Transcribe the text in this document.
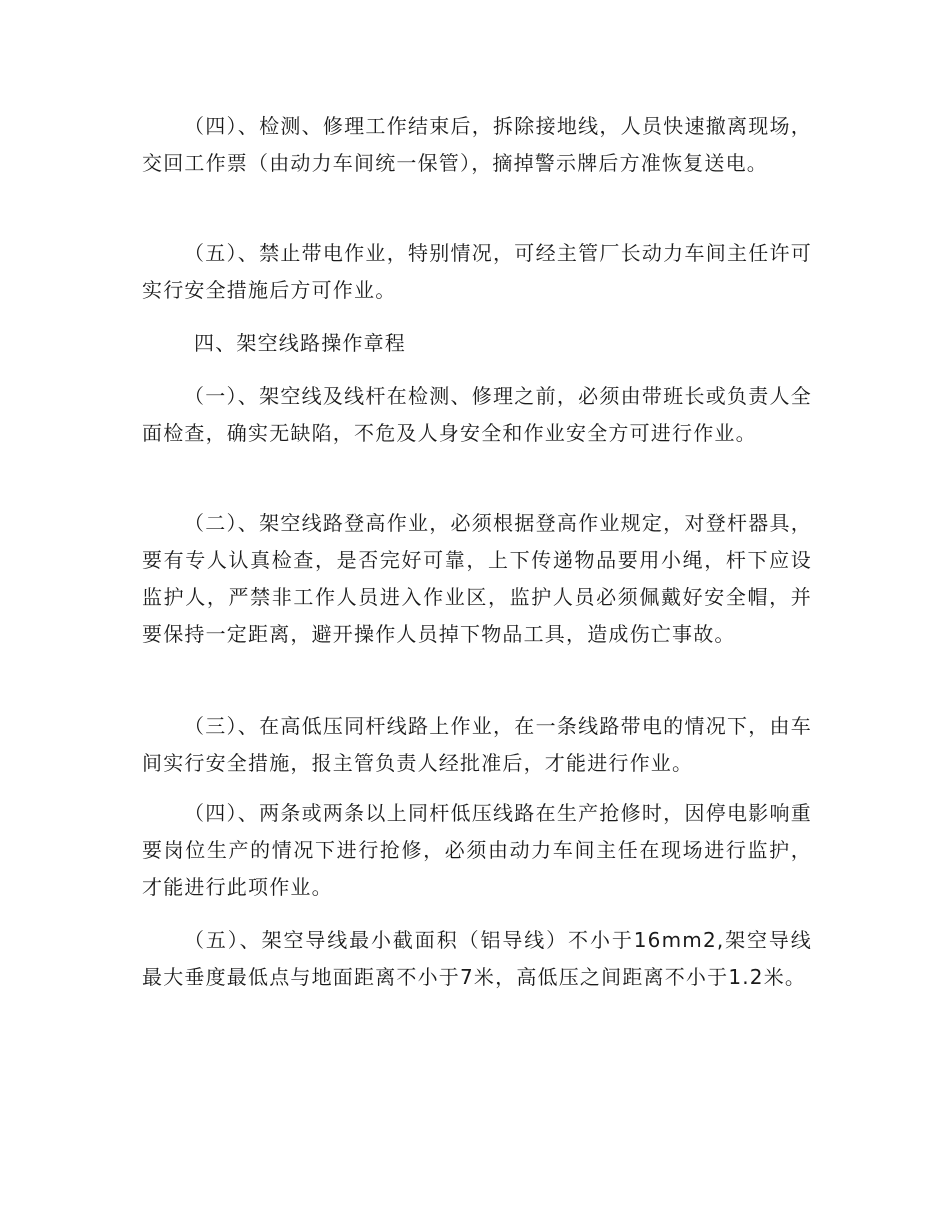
（四）、检测、修理工作结束后，拆除接地线，人员快速撤离现场，交回工作票（由动力车间统一保管），摘掉警示牌后方准恢复送电。

（五）、禁止带电作业，特别情况，可经主管厂长动力车间主任许可实行安全措施后方可作业。

四、架空线路操作章程

（一）、架空线及线杆在检测、修理之前，必须由带班长或负责人全面检查，确实无缺陷，不危及人身安全和作业安全方可进行作业。

（二）、架空线路登高作业，必须根据登高作业规定，对登杆器具，要有专人认真检查，是否完好可靠，上下传递物品要用小绳，杆下应设监护人，严禁非工作人员进入作业区，监护人员必须佩戴好安全帽，并要保持一定距离，避开操作人员掉下物品工具，造成伤亡事故。

（三）、在高低压同杆线路上作业，在一条线路带电的情况下，由车间实行安全措施，报主管负责人经批准后，才能进行作业。

（四）、两条或两条以上同杆低压线路在生产抢修时，因停电影响重要岗位生产的情况下进行抢修，必须由动力车间主任在现场进行监护，才能进行此项作业。

（五）、架空导线最小截面积（铝导线）不小于16mm2,架空导线最大垂度最低点与地面距离不小于7米，高低压之间距离不小于1.2米。
